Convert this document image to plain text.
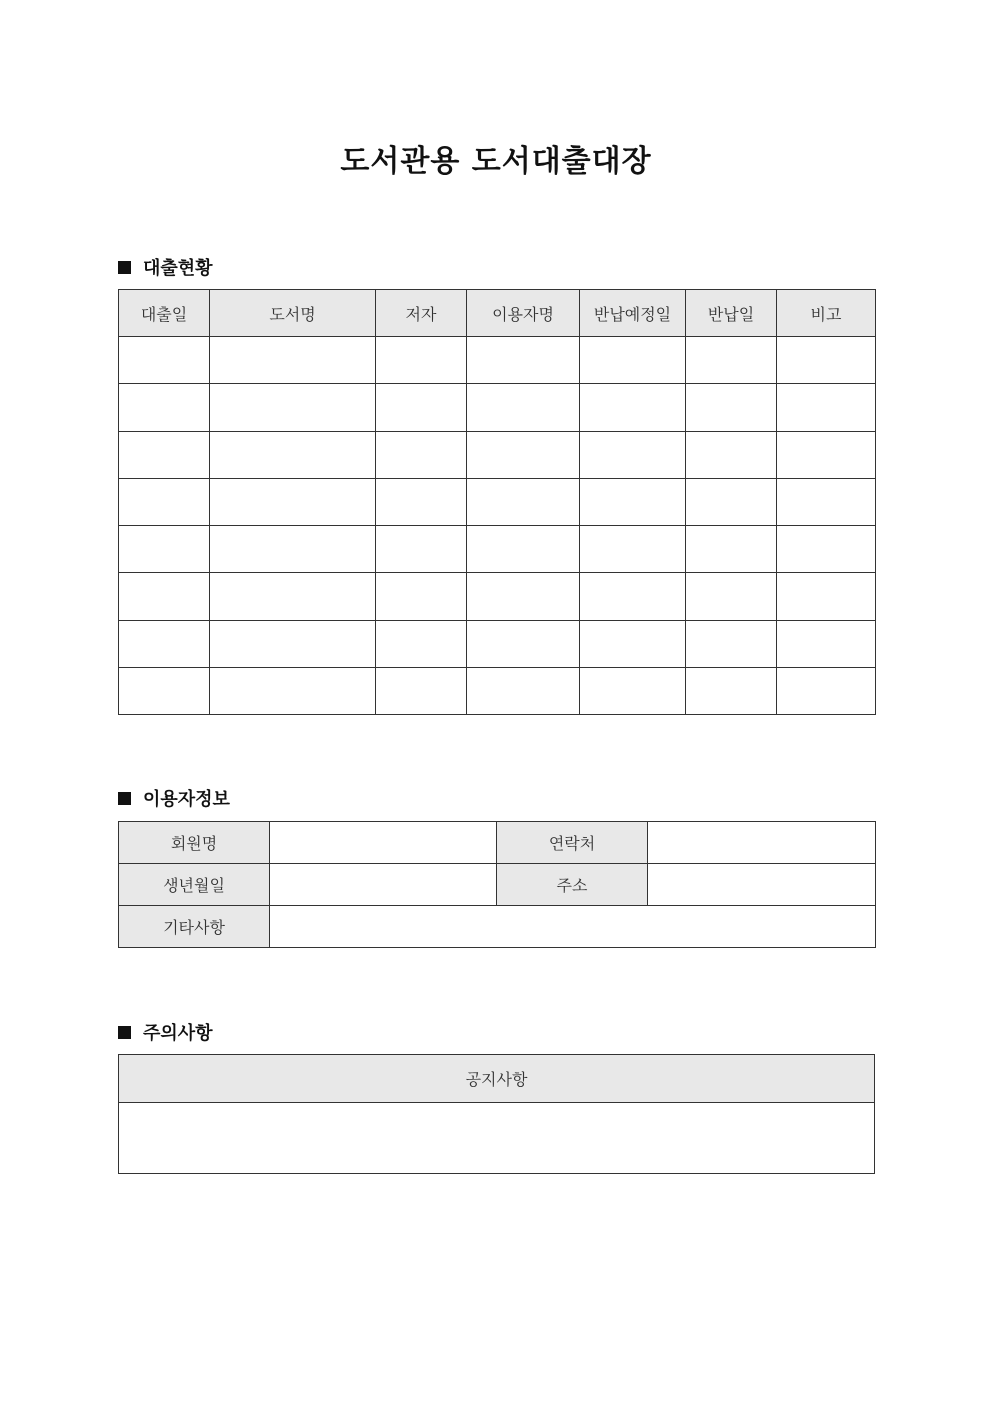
도서관용 도서대출대장
대출현황
대출일	도서명	저자	이용자명	반납예정일	반납일	비고

이용자정보
회원명		연락처	
생년월일		주소	
기타사항			
주의사항
공지사항
